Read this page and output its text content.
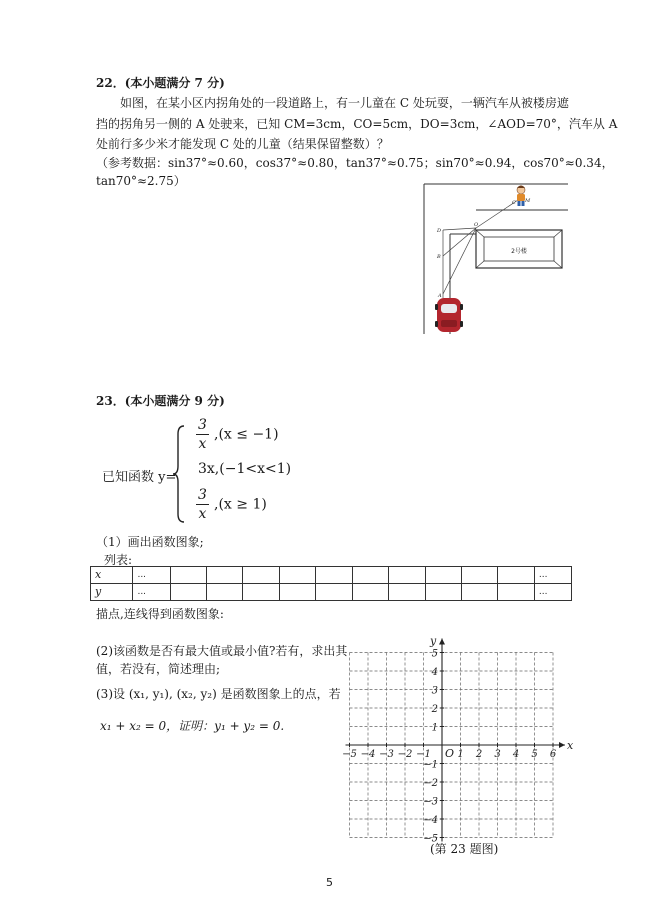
22．(本小题满分 7 分)
如图，在某小区内拐角处的一段道路上，有一儿童在 C 处玩耍，一辆汽车从被楼房遮
挡的拐角另一侧的 A 处驶来，已知 CM=3cm，CO=5cm，DO=3cm，∠AOD=70°，汽车从 A
处前行多少米才能发现 C 处的儿童（结果保留整数）？
（参考数据：sin37°≈0.60，cos37°≈0.80，tan37°≈0.75；sin70°≈0.94，cos70°≈0.34，
tan70°≈2.75）
2号楼
C M
O
D
B
A
23．(本小题满分 9 分)
已知函数 y=
$\frac{3}{x} ,(x \le -1)$
3x,(−1<x<1)
$\frac{3}{x} ,(x \ge 1)$
（1）画出函数图象;
列表:
x	...											...
y	...											...
描点,连线得到函数图象:
(2)该函数是否有最大值或最小值?若有，求出其
值，若没有，简述理由;
(3)设 (x₁, y₁), (x₂, y₂) 是函数图象上的点，若
x₁ + x₂ = 0，证明：y₁ + y₂ = 0.
−5 −4 −3 −2 −1	1 2 3 4 5 6
5
4
3
2
1
−1
−2
−3
−4
−5
O
x
y
(第 23 题图)
5
